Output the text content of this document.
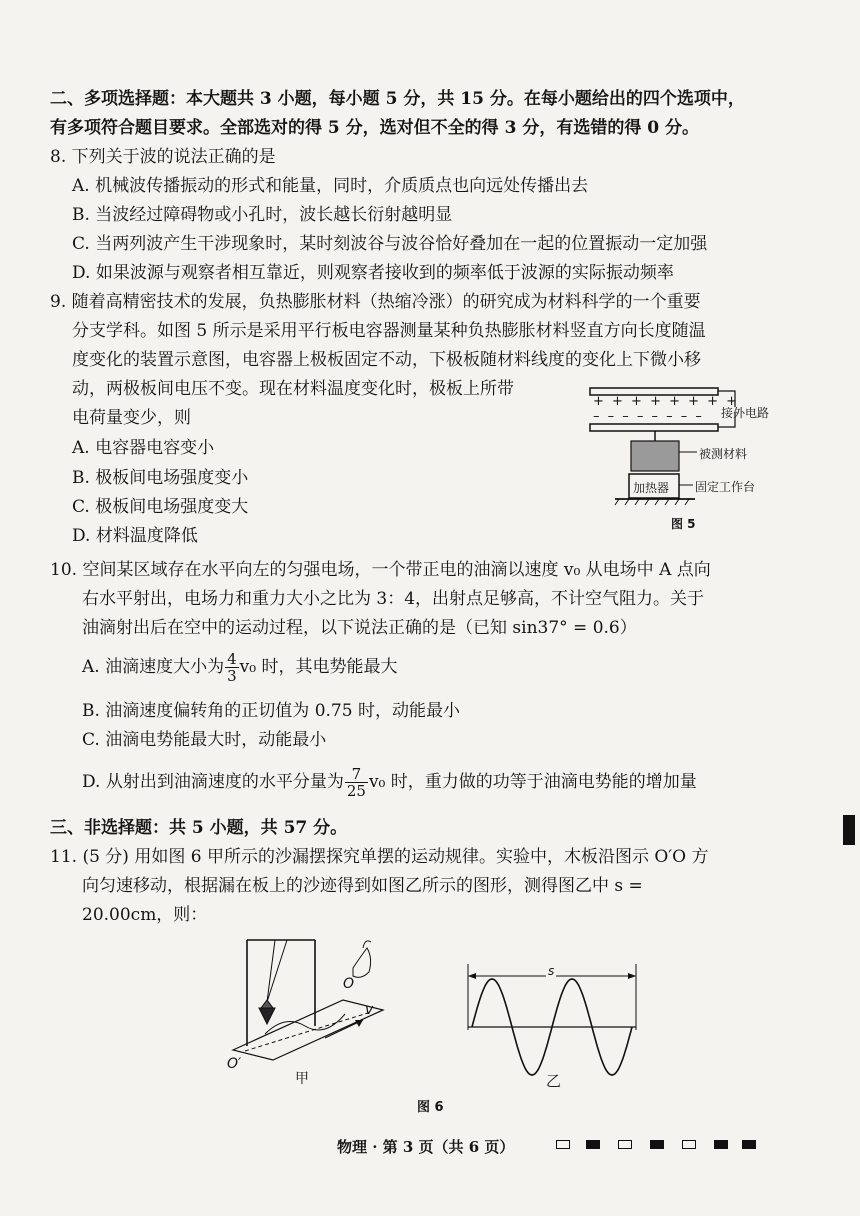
二、多项选择题：本大题共 3 小题，每小题 5 分，共 15 分。在每小题给出的四个选项中，
有多项符合题目要求。全部选对的得 5 分，选对但不全的得 3 分，有选错的得 0 分。
8. 下列关于波的说法正确的是
A. 机械波传播振动的形式和能量，同时，介质质点也向远处传播出去
B. 当波经过障碍物或小孔时，波长越长衍射越明显
C. 当两列波产生干涉现象时，某时刻波谷与波谷恰好叠加在一起的位置振动一定加强
D. 如果波源与观察者相互靠近，则观察者接收到的频率低于波源的实际振动频率
9. 随着高精密技术的发展，负热膨胀材料（热缩冷涨）的研究成为材料科学的一个重要
分支学科。如图 5 所示是采用平行板电容器测量某种负热膨胀材料竖直方向长度随温
度变化的装置示意图，电容器上极板固定不动，下极板随材料线度的变化上下微小移
动，两极板间电压不变。现在材料温度变化时，极板上所带
电荷量变少，则
A. 电容器电容变小
B. 极板间电场强度变小
C. 极板间电场强度变大
D. 材料温度降低
+ + + + + + + +
– – – – – – – – 接外电路
被测材料
加热器 固定工作台
图 5
10. 空间某区域存在水平向左的匀强电场，一个带正电的油滴以速度 v₀ 从电场中 A 点向
右水平射出，电场力和重力大小之比为 3：4，出射点足够高，不计空气阻力。关于
油滴射出后在空中的运动过程，以下说法正确的是（已知 sin37° = 0.6）
A. 油滴速度大小为 $\frac{4}{3} v_0$ 时，其电势能最大
B. 油滴速度偏转角的正切值为 0.75 时，动能最小
C. 油滴电势能最大时，动能最小
D. 从射出到油滴速度的水平分量为 $\frac{7}{25} v_0$ 时，重力做的功等于油滴电势能的增加量
三、非选择题：共 5 小题，共 57 分。
11. (5 分) 用如图 6 甲所示的沙漏摆探究单摆的运动规律。实验中，木板沿图示 O′O 方
向匀速移动，根据漏在板上的沙迹得到如图乙所示的图形，测得图乙中 s =
20.00cm，则：
O′
O
v
甲
s
乙
图 6
物理 · 第 3 页（共 6 页）
